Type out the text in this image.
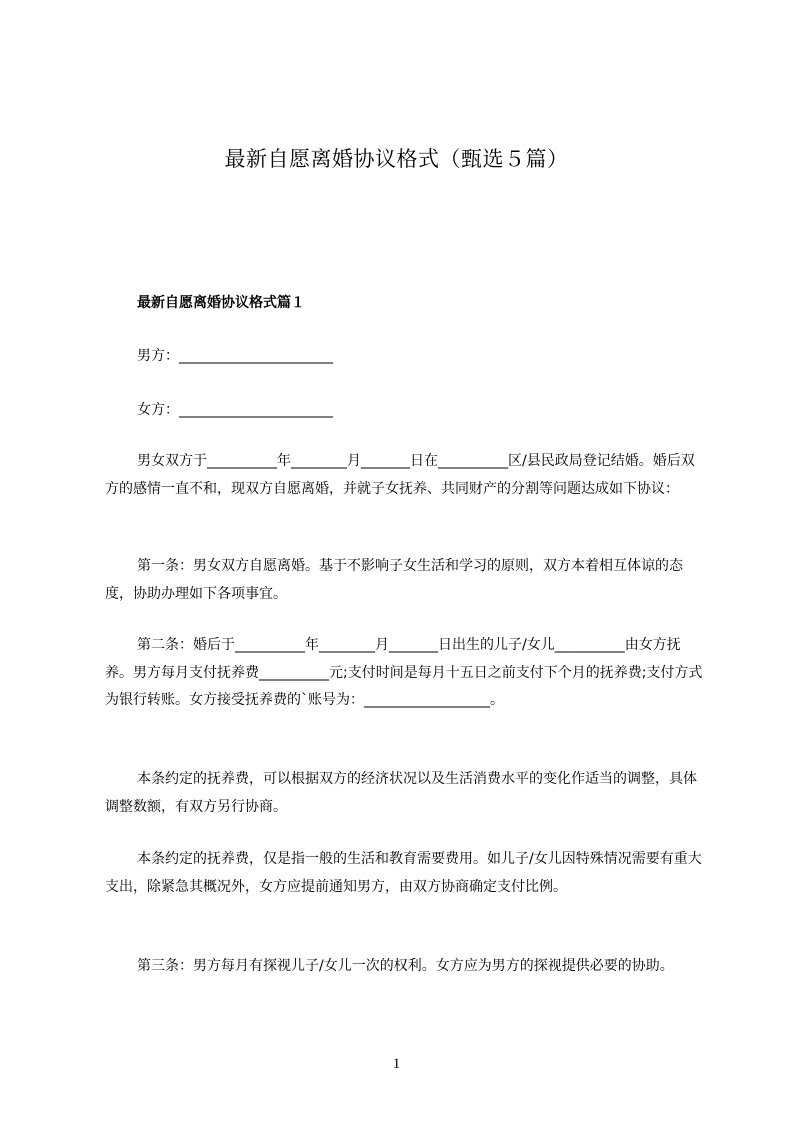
最新自愿离婚协议格式（甄选５篇）
最新自愿离婚协议格式篇１
男方：______________________
女方：______________________
男女双方于__________年________月_______日在__________区/县民政局登记结婚。婚后双方的感情一直不和，现双方自愿离婚，并就子女抚养、共同财产的分割等问题达成如下协议：
第一条：男女双方自愿离婚。基于不影响子女生活和学习的原则，双方本着相互体谅的态度，协助办理如下各项事宜。
第二条：婚后于__________年________月_______日出生的儿子/女儿__________由女方抚养。男方每月支付抚养费__________元;支付时间是每月十五日之前支付下个月的抚养费;支付方式为银行转账。女方接受抚养费的`账号为：__________________。
本条约定的抚养费，可以根据双方的经济状况以及生活消费水平的变化作适当的调整，具体调整数额，有双方另行协商。
本条约定的抚养费，仅是指一般的生活和教育需要费用。如儿子/女儿因特殊情况需要有重大支出，除紧急其概况外，女方应提前通知男方，由双方协商确定支付比例。
第三条：男方每月有探视儿子/女儿一次的权利。女方应为男方的探视提供必要的协助。
1
